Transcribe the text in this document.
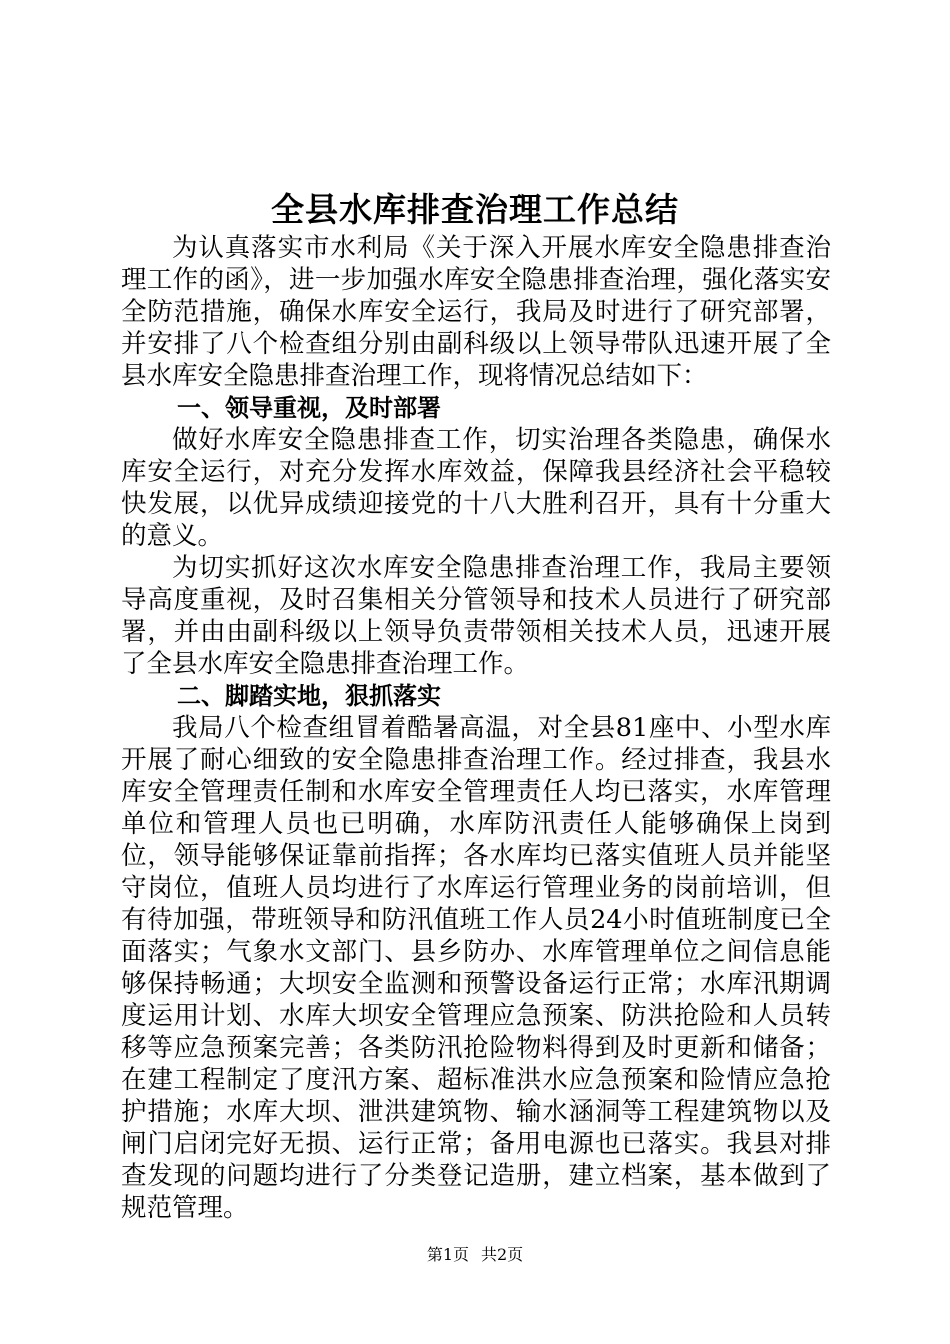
全县水库排查治理工作总结

为认真落实市水利局《关于深入开展水库安全隐患排查治理工作的函》，进一步加强水库安全隐患排查治理，强化落实安全防范措施，确保水库安全运行，我局及时进行了研究部署，并安排了八个检查组分别由副科级以上领导带队迅速开展了全县水库安全隐患排查治理工作，现将情况总结如下：

一、领导重视，及时部署

做好水库安全隐患排查工作，切实治理各类隐患，确保水库安全运行，对充分发挥水库效益，保障我县经济社会平稳较快发展，以优异成绩迎接党的十八大胜利召开，具有十分重大的意义。

为切实抓好这次水库安全隐患排查治理工作，我局主要领导高度重视，及时召集相关分管领导和技术人员进行了研究部署，并由由副科级以上领导负责带领相关技术人员，迅速开展了全县水库安全隐患排查治理工作。

二、脚踏实地，狠抓落实

我局八个检查组冒着酷暑高温，对全县81座中、小型水库开展了耐心细致的安全隐患排查治理工作。经过排查，我县水库安全管理责任制和水库安全管理责任人均已落实，水库管理单位和管理人员也已明确，水库防汛责任人能够确保上岗到位，领导能够保证靠前指挥；各水库均已落实值班人员并能坚守岗位，值班人员均进行了水库运行管理业务的岗前培训，但有待加强，带班领导和防汛值班工作人员24小时值班制度已全面落实；气象水文部门、县乡防办、水库管理单位之间信息能够保持畅通；大坝安全监测和预警设备运行正常；水库汛期调度运用计划、水库大坝安全管理应急预案、防洪抢险和人员转移等应急预案完善；各类防汛抢险物料得到及时更新和储备；在建工程制定了度汛方案、超标准洪水应急预案和险情应急抢护措施；水库大坝、泄洪建筑物、输水涵洞等工程建筑物以及闸门启闭完好无损、运行正常；备用电源也已落实。我县对排查发现的问题均进行了分类登记造册，建立档案，基本做到了规范管理。

第1页 共2页
